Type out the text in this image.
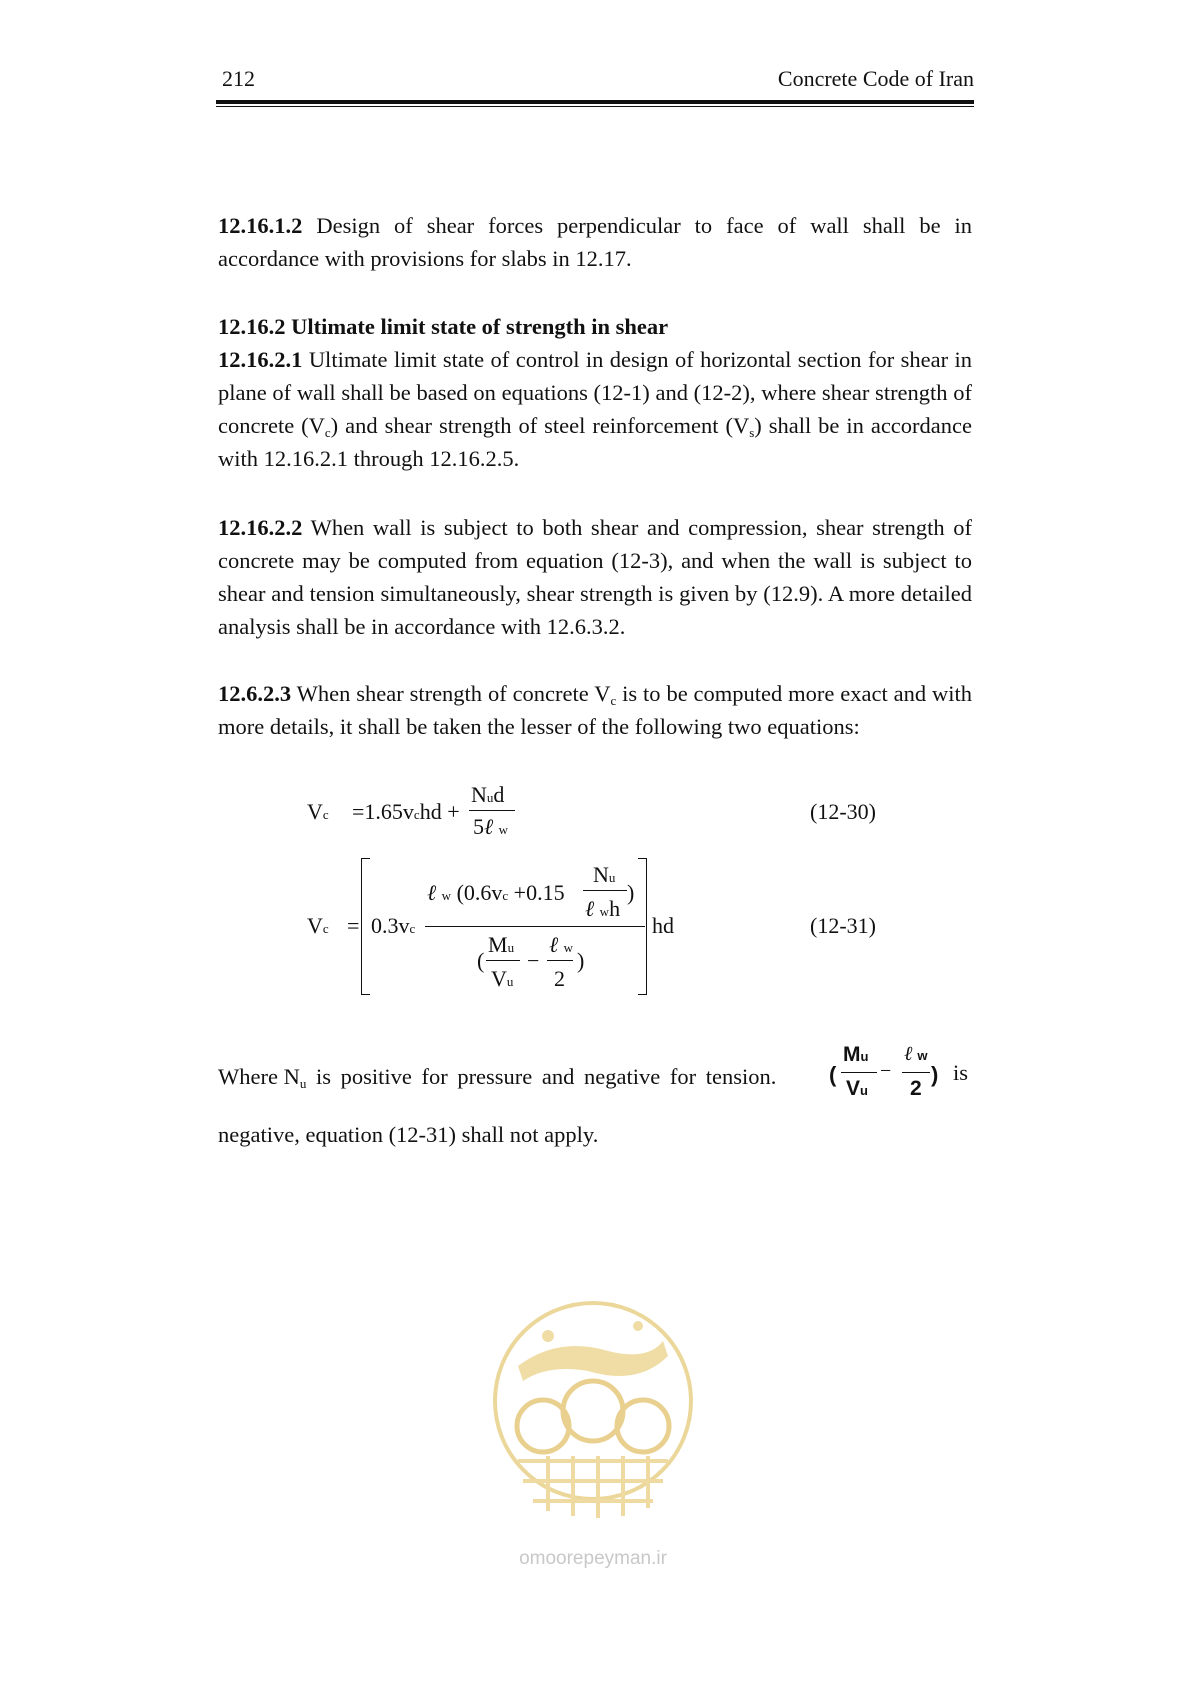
212	Concrete Code of Iran
12.16.1.2 Design of shear forces perpendicular to face of wall shall be in accordance with provisions for slabs in 12.17.
12.16.2 Ultimate limit state of strength in shear
12.16.2.1 Ultimate limit state of control in design of horizontal section for shear in plane of wall shall be based on equations (12-1) and (12-2), where shear strength of concrete $(V_c)$ and shear strength of steel reinforcement $(V_s)$ shall be in accordance with 12.16.2.1 through 12.16.2.5.
12.16.2.2 When wall is subject to both shear and compression, shear strength of concrete may be computed from equation (12-3), and when the wall is subject to shear and tension simultaneously, shear strength is given by (12.9). A more detailed analysis shall be in accordance with 12.6.3.2.
12.6.2.3 When shear strength of concrete $V_c$ is to be computed more exact and with more details, it shall be taken the lesser of the following two equations:
Vc =1.65vchd +
Nud
5ℓ w
(12-30)
Vc = 0.3vc
ℓ w (0.6vc +0.15
Nu
ℓ wh
)
(
Mu
Vu
−
ℓ w
2
)
hd	(12-31)
Where $N_u$ is positive for pressure and negative for tension. (
Mu
Vu
−
ℓ w
2
) is
negative, equation (12-31) shall not apply.
omoorepeyman.ir
